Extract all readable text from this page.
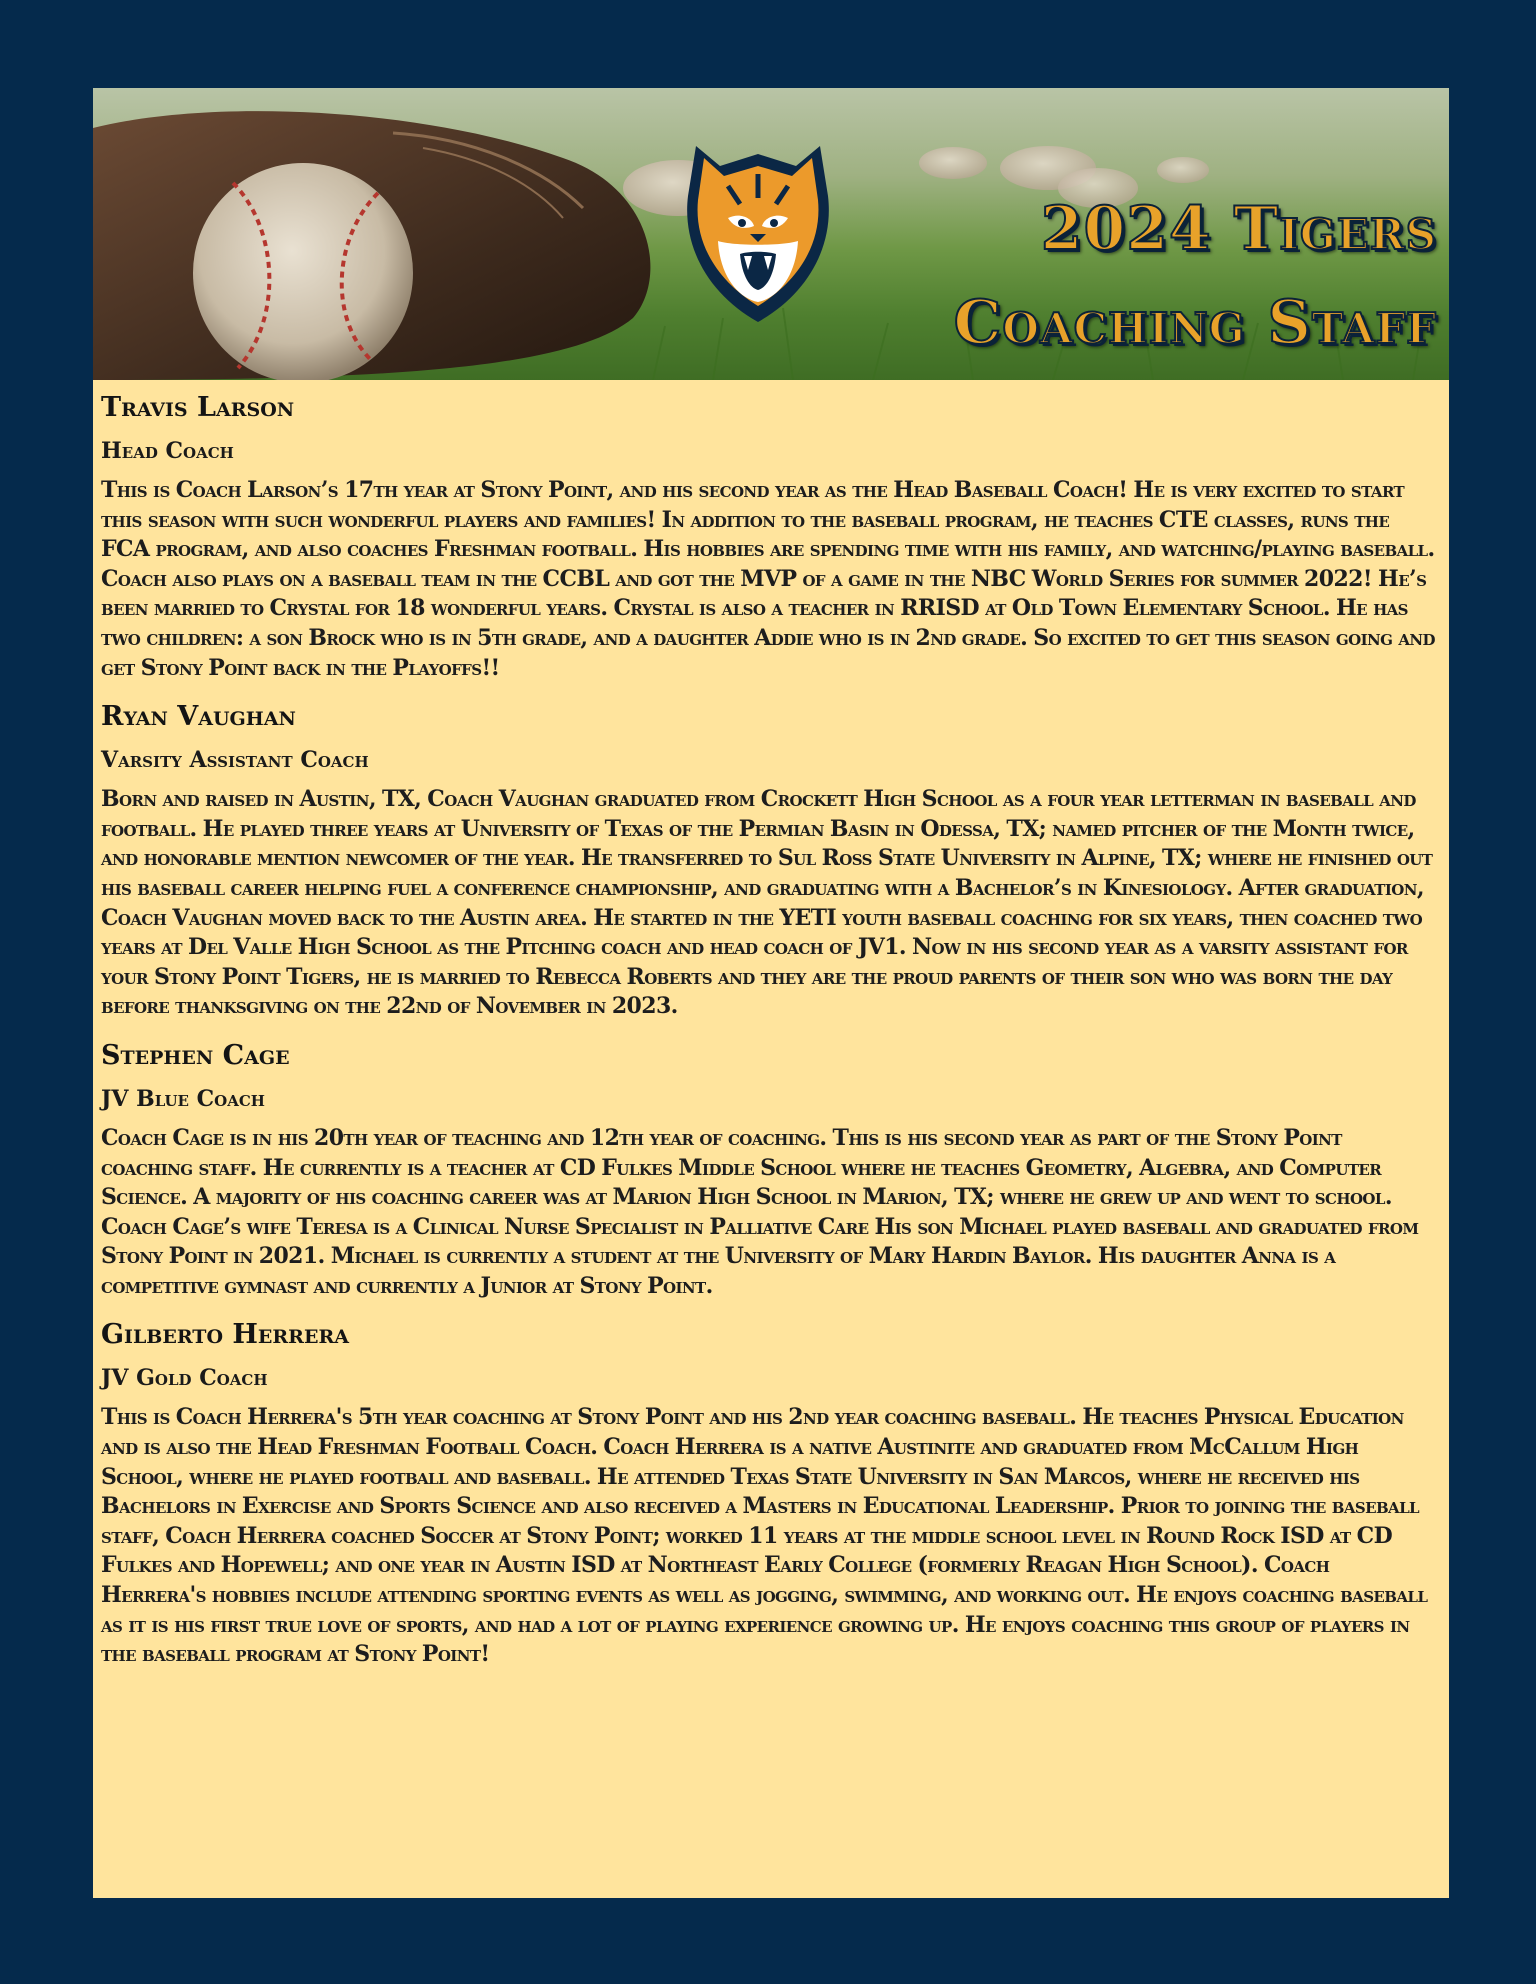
2024 Tigers
Coaching Staff
Travis Larson

Head Coach

This is Coach Larson’s 17th year at Stony Point, and his second year as the Head Baseball Coach! He is very excited to start this season with such wonderful players and families! In addition to the baseball program, he teaches CTE classes, runs the FCA program, and also coaches Freshman football. His hobbies are spending time with his family, and watching/playing baseball. Coach also plays on a baseball team in the CCBL and got the MVP of a game in the NBC World Series for summer 2022! He’s been married to Crystal for 18 wonderful years. Crystal is also a teacher in RRISD at Old Town Elementary School. He has two children: a son Brock who is in 5th grade, and a daughter Addie who is in 2nd grade. So excited to get this season going and get Stony Point back in the Playoffs!!

Ryan Vaughan

Varsity Assistant Coach

Born and raised in Austin, TX, Coach Vaughan graduated from Crockett High School as a four year letterman in baseball and football. He played three years at University of Texas of the Permian Basin in Odessa, TX; named pitcher of the Month twice, and honorable mention newcomer of the year. He transferred to Sul Ross State University in Alpine, TX; where he finished out his baseball career helping fuel a conference championship, and graduating with a Bachelor’s in Kinesiology. After graduation, Coach Vaughan moved back to the Austin area. He started in the YETI youth baseball coaching for six years, then coached two years at Del Valle High School as the Pitching coach and head coach of JV1. Now in his second year as a varsity assistant for your Stony Point Tigers, he is married to Rebecca Roberts and they are the proud parents of their son who was born the day before thanksgiving on the 22nd of November in 2023.

Stephen Cage

JV Blue Coach

Coach Cage is in his 20th year of teaching and 12th year of coaching. This is his second year as part of the Stony Point coaching staff. He currently is a teacher at CD Fulkes Middle School where he teaches Geometry, Algebra, and Computer Science. A majority of his coaching career was at Marion High School in Marion, TX; where he grew up and went to school. Coach Cage’s wife Teresa is a Clinical Nurse Specialist in Palliative Care His son Michael played baseball and graduated from Stony Point in 2021. Michael is currently a student at the University of Mary Hardin Baylor. His daughter Anna is a competitive gymnast and currently a Junior at Stony Point.

Gilberto Herrera

JV Gold Coach

This is Coach Herrera's 5th year coaching at Stony Point and his 2nd year coaching baseball. He teaches Physical Education and is also the Head Freshman Football Coach. Coach Herrera is a native Austinite and graduated from McCallum High School, where he played football and baseball. He attended Texas State University in San Marcos, where he received his Bachelors in Exercise and Sports Science and also received a Masters in Educational Leadership. Prior to joining the baseball staff, Coach Herrera coached Soccer at Stony Point; worked 11 years at the middle school level in Round Rock ISD at CD Fulkes and Hopewell; and one year in Austin ISD at Northeast Early College (formerly Reagan High School). Coach Herrera's hobbies include attending sporting events as well as jogging, swimming, and working out. He enjoys coaching baseball as it is his first true love of sports, and had a lot of playing experience growing up. He enjoys coaching this group of players in the baseball program at Stony Point!
